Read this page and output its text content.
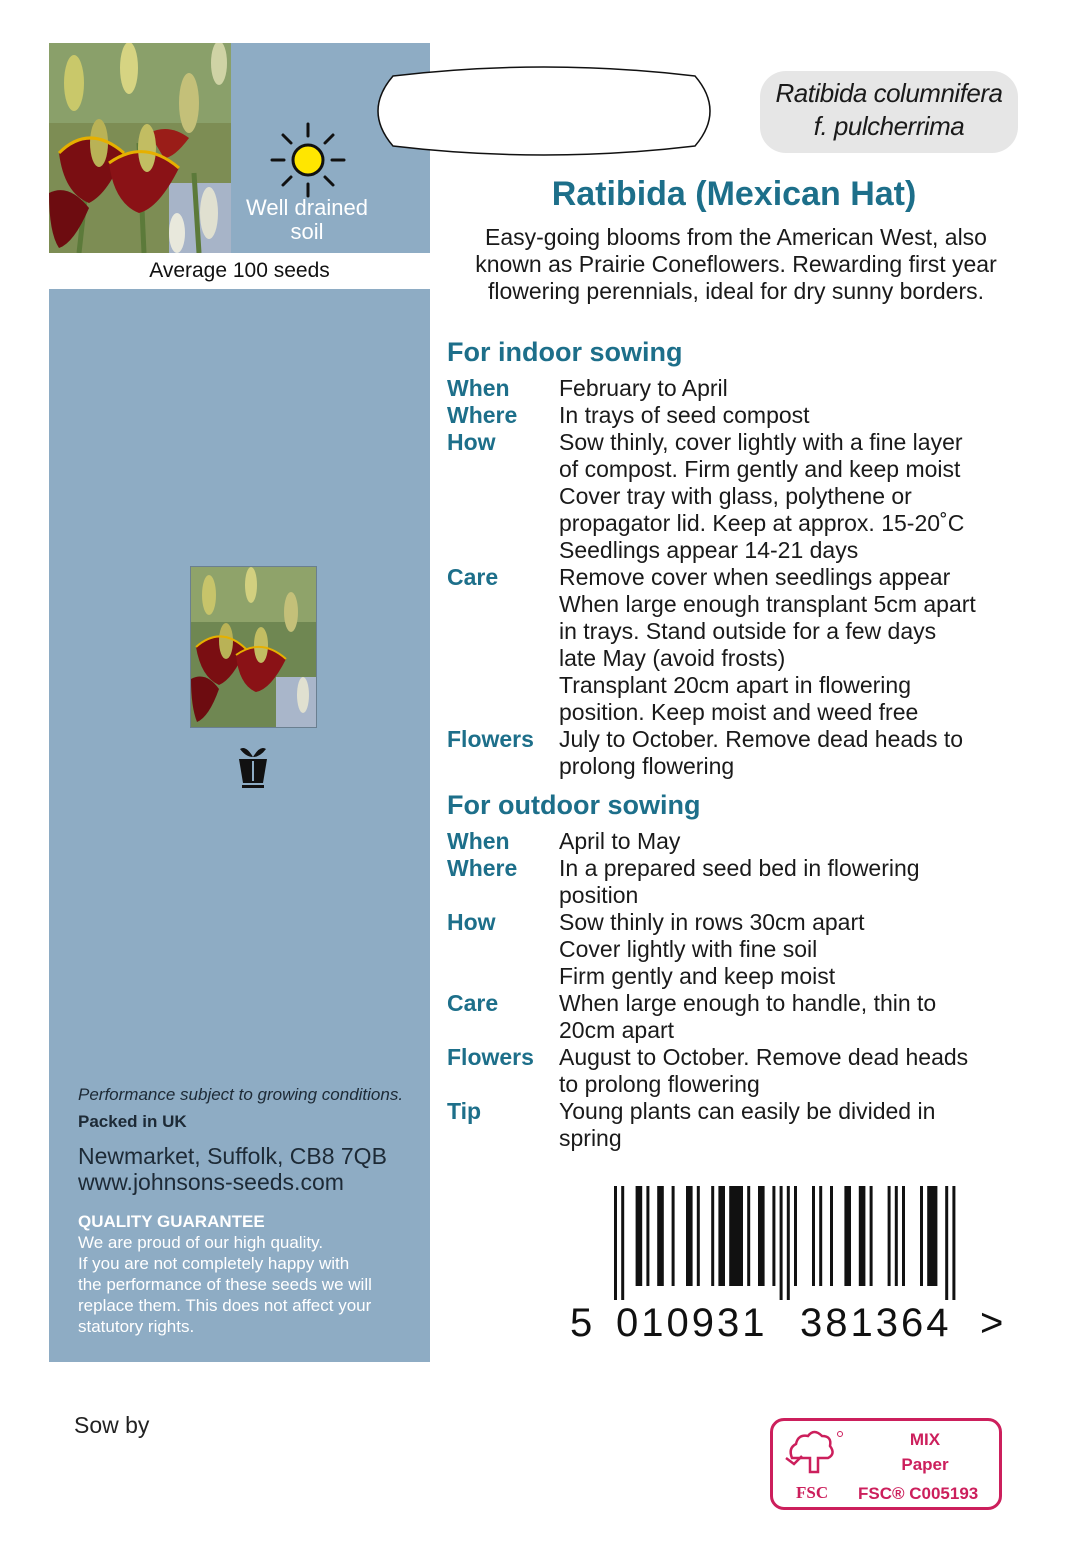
Well drained
soil
Average 100 seeds
Performance subject to growing conditions.
Packed in UK
Newmarket, Suffolk, CB8 7QB
www.johnsons-seeds.com
QUALITY GUARANTEE
We are proud of our high quality.
If you are not completely happy with
the performance of these seeds we will
replace them. This does not affect your
statutory rights.
Sow by
Ratibida columnifera
f. pulcherrima
Ratibida (Mexican Hat)
Easy-going blooms from the American West, also
known as Prairie Coneflowers. Rewarding first year
flowering perennials, ideal for dry sunny borders.
For indoor sowing
When	February to April
Where	In trays of seed compost
How	Sow thinly, cover lightly with a fine layer
of compost. Firm gently and keep moist
Cover tray with glass, polythene or
propagator lid. Keep at approx. 15-20˚C
Seedlings appear 14-21 days
Care	Remove cover when seedlings appear
When large enough transplant 5cm apart
in trays. Stand outside for a few days
late May (avoid frosts)
Transplant 20cm apart in flowering
position. Keep moist and weed free
Flowers	July to October. Remove dead heads to
prolong flowering
For outdoor sowing
When	April to May
Where	In a prepared seed bed in flowering
position
How	Sow thinly in rows 30cm apart
Cover lightly with fine soil
Firm gently and keep moist
Care	When large enough to handle, thin to
20cm apart
Flowers	August to October. Remove dead heads
to prolong flowering
Tip	Young plants can easily be divided in
spring
5 010931 381364 >
FSC
MIX
Paper
FSC® C005193
